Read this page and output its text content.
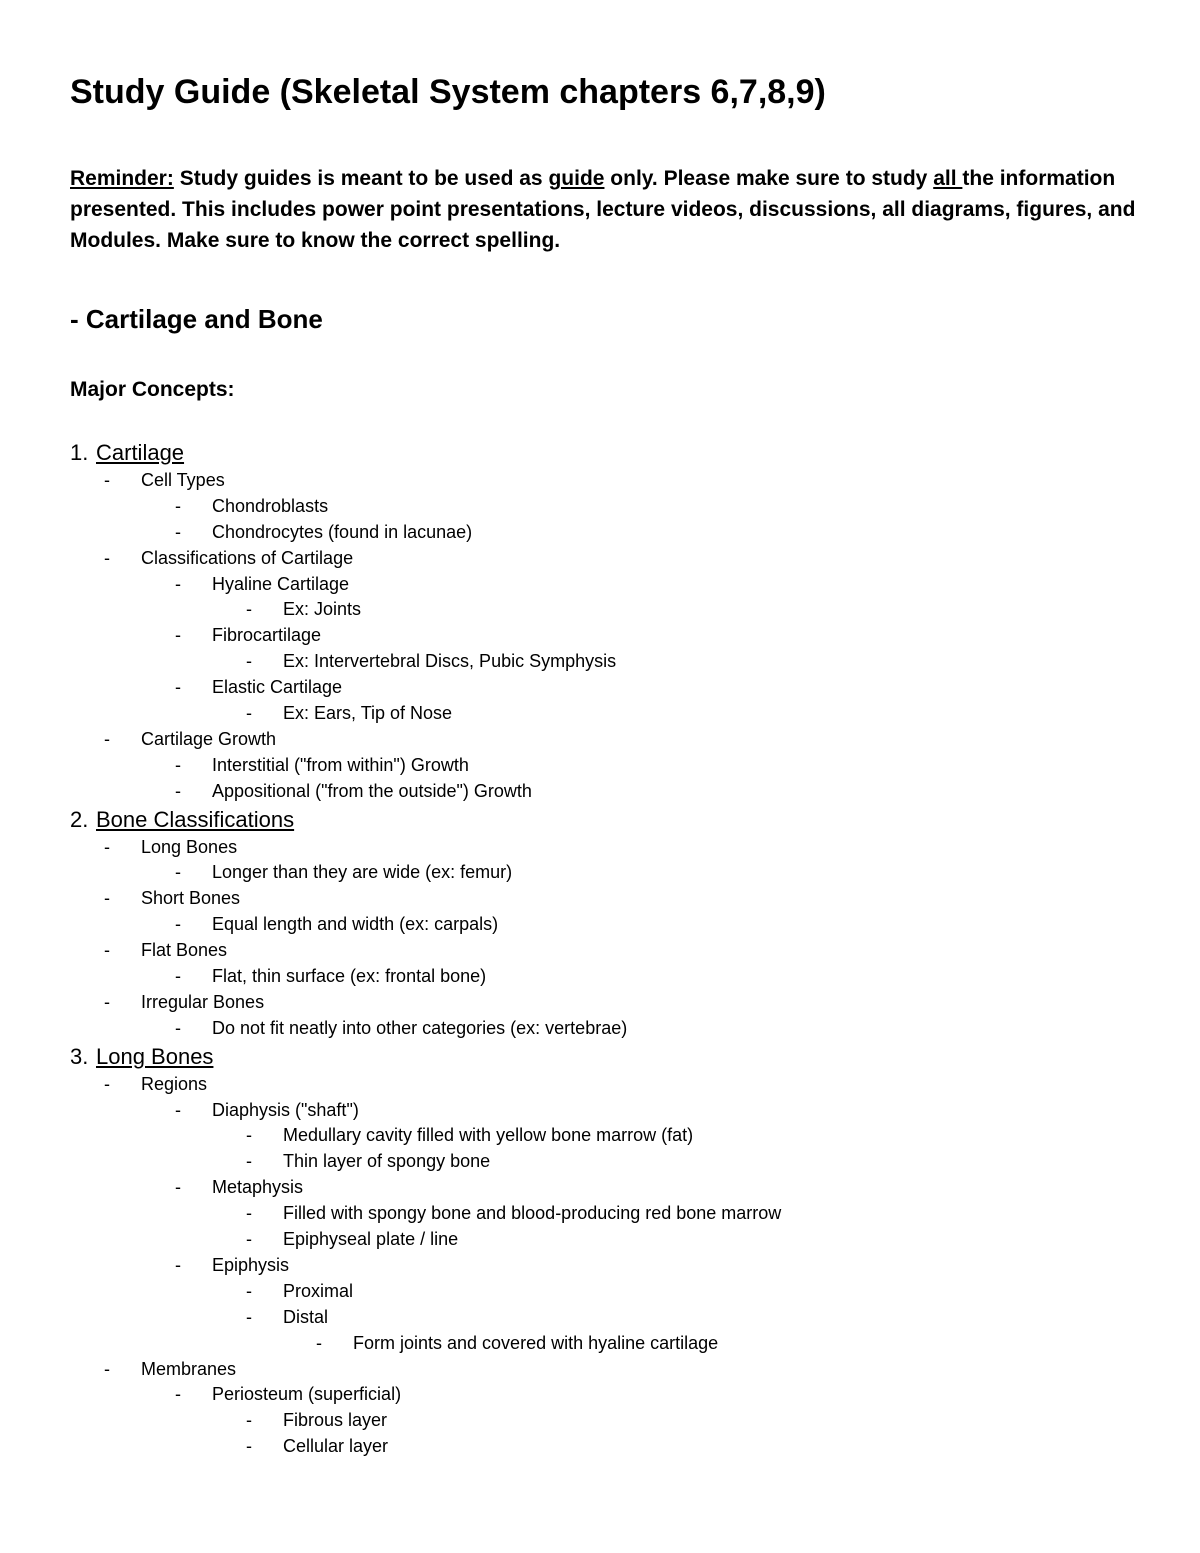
Study Guide (Skeletal System chapters 6,7,8,9)

Reminder: Study guides is meant to be used as guide only. Please make sure to study all the information presented. This includes power point presentations, lecture videos, discussions, all diagrams, figures, and Modules. Make sure to know the correct spelling.

- Cartilage and Bone
Major Concepts:
1. Cartilage
- Cell Types
- Chondroblasts
- Chondrocytes (found in lacunae)
- Classifications of Cartilage
- Hyaline Cartilage
- Ex: Joints
- Fibrocartilage
- Ex: Intervertebral Discs, Pubic Symphysis
- Elastic Cartilage
- Ex: Ears, Tip of Nose
- Cartilage Growth
- Interstitial ("from within") Growth
- Appositional ("from the outside") Growth
2. Bone Classifications
- Long Bones
- Longer than they are wide (ex: femur)
- Short Bones
- Equal length and width (ex: carpals)
- Flat Bones
- Flat, thin surface (ex: frontal bone)
- Irregular Bones
- Do not fit neatly into other categories (ex: vertebrae)
3. Long Bones
- Regions
- Diaphysis ("shaft")
- Medullary cavity filled with yellow bone marrow (fat)
- Thin layer of spongy bone
- Metaphysis
- Filled with spongy bone and blood-producing red bone marrow
- Epiphyseal plate / line
- Epiphysis
- Proximal
- Distal
- Form joints and covered with hyaline cartilage
- Membranes
- Periosteum (superficial)
- Fibrous layer
- Cellular layer
